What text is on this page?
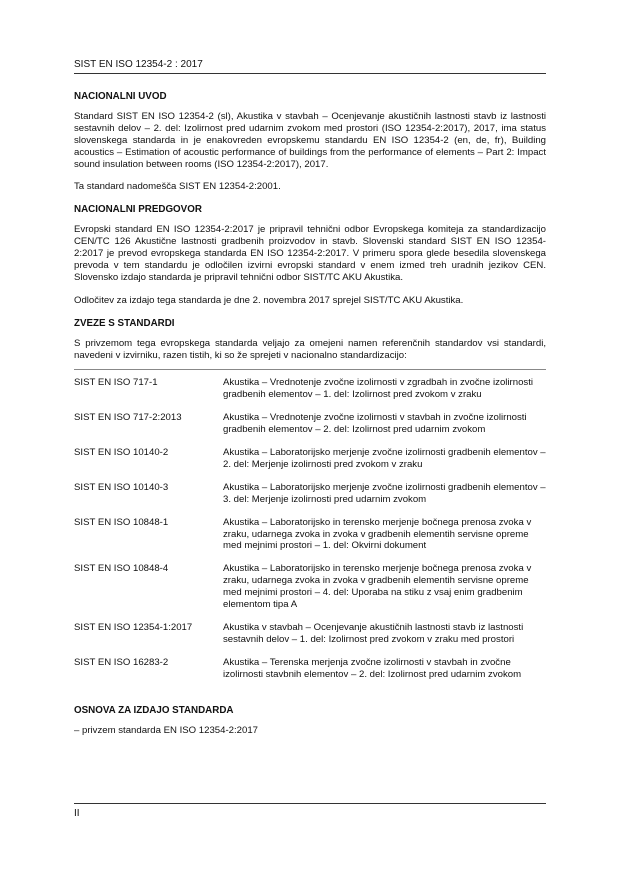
SIST EN ISO 12354-2 : 2017
NACIONALNI UVOD

Standard SIST EN ISO 12354-2 (sl), Akustika v stavbah – Ocenjevanje akustičnih lastnosti stavb iz lastnosti sestavnih delov – 2. del: Izolirnost pred udarnim zvokom med prostori (ISO 12354-2:2017), 2017, ima status slovenskega standarda in je enakovreden evropskemu standardu EN ISO 12354-2 (en, de, fr), Building acoustics – Estimation of acoustic performance of buildings from the performance of elements – Part 2: Impact sound insulation between rooms (ISO 12354-2:2017), 2017.

Ta standard nadomešča SIST EN 12354-2:2001.

NACIONALNI PREDGOVOR

Evropski standard EN ISO 12354-2:2017 je pripravil tehnični odbor Evropskega komiteja za standardizacijo CEN/TC 126 Akustične lastnosti gradbenih proizvodov in stavb. Slovenski standard SIST EN ISO 12354-2:2017 je prevod evropskega standarda EN ISO 12354-2:2017. V primeru spora glede besedila slovenskega prevoda v tem standardu je odločilen izvirni evropski standard v enem izmed treh uradnih jezikov CEN. Slovensko izdajo standarda je pripravil tehnični odbor SIST/TC AKU Akustika.

Odločitev za izdajo tega standarda je dne 2. novembra 2017 sprejel SIST/TC AKU Akustika.

ZVEZE S STANDARDI

S privzemom tega evropskega standarda veljajo za omejeni namen referenčnih standardov vsi standardi, navedeni v izvirniku, razen tistih, ki so že sprejeti v nacionalno standardizacijo:

SIST EN ISO 717-1	Akustika – Vrednotenje zvočne izolirnosti v zgradbah in zvočne izolirnosti gradbenih elementov – 1. del: Izolirnost pred zvokom v zraku
SIST EN ISO 717-2:2013	Akustika – Vrednotenje zvočne izolirnosti v stavbah in zvočne izolirnosti gradbenih elementov – 2. del: Izolirnost pred udarnim zvokom
SIST EN ISO 10140-2	Akustika – Laboratorijsko merjenje zvočne izolirnosti gradbenih elementov – 2. del: Merjenje izolirnosti pred zvokom v zraku
SIST EN ISO 10140-3	Akustika – Laboratorijsko merjenje zvočne izolirnosti gradbenih elementov – 3. del: Merjenje izolirnosti pred udarnim zvokom
SIST EN ISO 10848-1	Akustika – Laboratorijsko in terensko merjenje bočnega prenosa zvoka v zraku, udarnega zvoka in zvoka v gradbenih elementih servisne opreme med mejnimi prostori – 1. del: Okvirni dokument
SIST EN ISO 10848-4	Akustika – Laboratorijsko in terensko merjenje bočnega prenosa zvoka v zraku, udarnega zvoka in zvoka v gradbenih elementih servisne opreme med mejnimi prostori – 4. del: Uporaba na stiku z vsaj enim gradbenim elementom tipa A
SIST EN ISO 12354-1:2017	Akustika v stavbah – Ocenjevanje akustičnih lastnosti stavb iz lastnosti sestavnih delov – 1. del: Izolirnost pred zvokom v zraku med prostori
SIST EN ISO 16283-2	Akustika – Terenska merjenja zvočne izolirnosti v stavbah in zvočne izolirnosti stavbnih elementov – 2. del: Izolirnost pred udarnim zvokom
OSNOVA ZA IZDAJO STANDARDA

– privzem standarda EN ISO 12354-2:2017

II
